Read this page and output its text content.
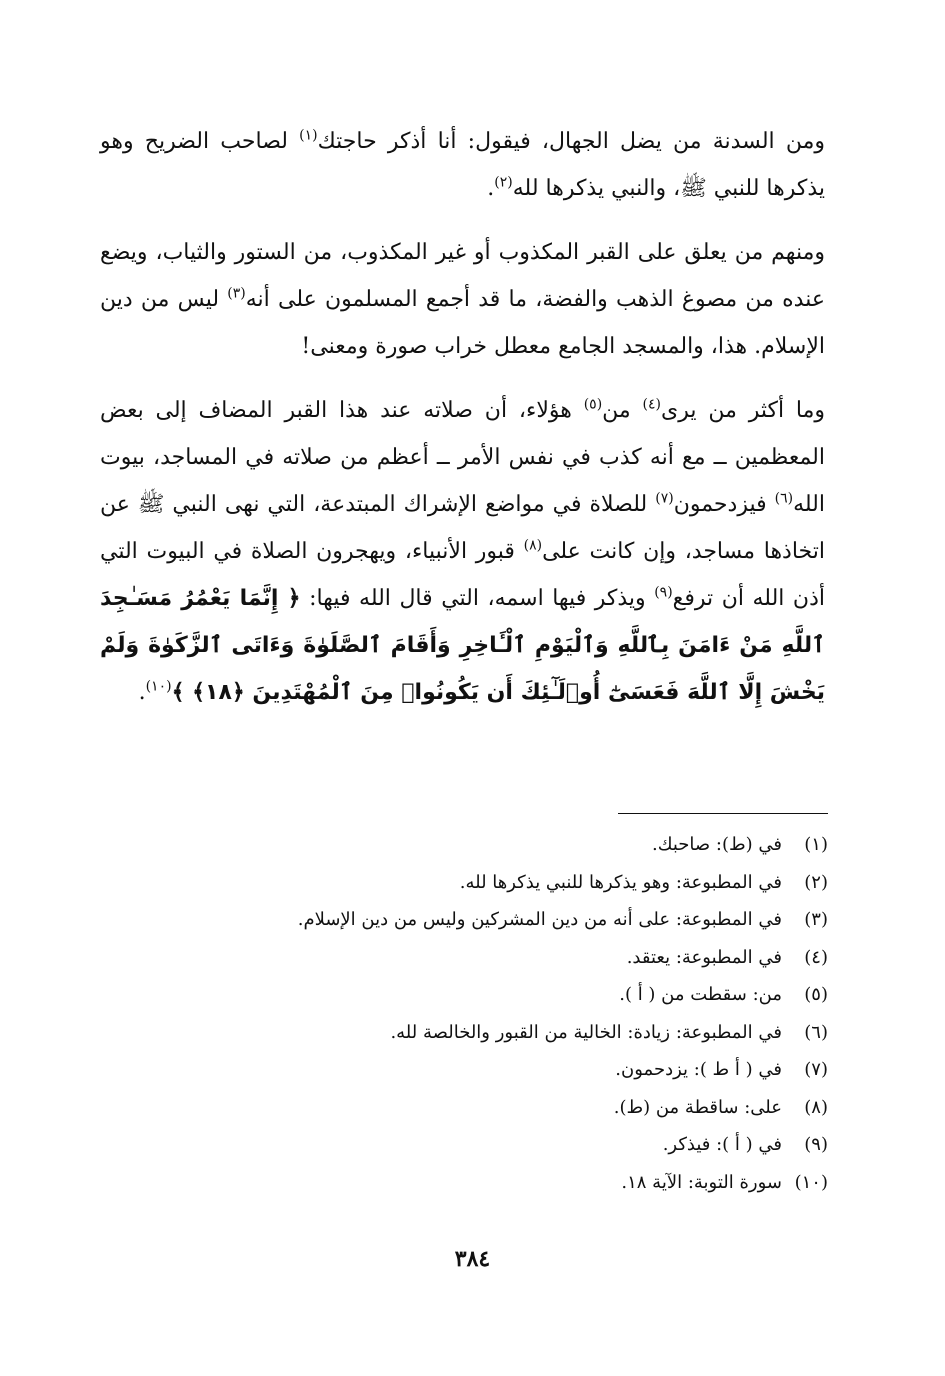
ومن السدنة من يضل الجهال، فيقول: أنا أذكر حاجتك$^{(١)}$ لصاحب الضريح وهو يذكرها للنبي ﷺ، والنبي يذكرها لله$^{(٢)}$.

ومنهم من يعلق على القبر المكذوب أو غير المكذوب، من الستور والثياب، ويضع عنده من مصوغ الذهب والفضة، ما قد أجمع المسلمون على أنه$^{(٣)}$ ليس من دين الإسلام. هذا، والمسجد الجامع معطل خراب صورة ومعنى!

وما أكثر من يرى$^{(٤)}$ من$^{(٥)}$ هؤلاء، أن صلاته عند هذا القبر المضاف إلى بعض المعظمين ــ مع أنه كذب في نفس الأمر ــ أعظم من صلاته في المساجد، بيوت الله$^{(٦)}$ فيزدحمون$^{(٧)}$ للصلاة في مواضع الإشراك المبتدعة، التي نهى النبي ﷺ عن اتخاذها مساجد، وإن كانت على$^{(٨)}$ قبور الأنبياء، ويهجرون الصلاة في البيوت التي أذن الله أن ترفع$^{(٩)}$ ويذكر فيها اسمه، التي قال الله فيها: ﴿ إِنَّمَا يَعْمُرُ مَسَـٰجِدَ ٱللَّهِ مَنْ ءَامَنَ بِٱللَّهِ وَٱلْيَوْمِ ٱلْـَٔاخِرِ وَأَقَامَ ٱلصَّلَوٰةَ وَءَاتَى ٱلزَّكَوٰةَ وَلَمْ يَخْشَ إِلَّا ٱللَّهَ فَعَسَىٰٓ أُو۟لَـٰٓئِكَ أَن يَكُونُوا۟ مِنَ ٱلْمُهْتَدِينَ ﴿١٨﴾ ﴾$^{(١٠)}$.

(١)في (ط): صاحبك.
(٢)في المطبوعة: وهو يذكرها للنبي يذكرها لله.
(٣)في المطبوعة: على أنه من دين المشركين وليس من دين الإسلام.
(٤)في المطبوعة: يعتقد.
(٥)من: سقطت من ( أ ).
(٦)في المطبوعة: زيادة: الخالية من القبور والخالصة لله.
(٧)في ( أ ط ): يزدحمون.
(٨)على: ساقطة من (ط).
(٩)في ( أ ): فيذكر.
(١٠)سورة التوبة: الآية ١٨.
٣٨٤
